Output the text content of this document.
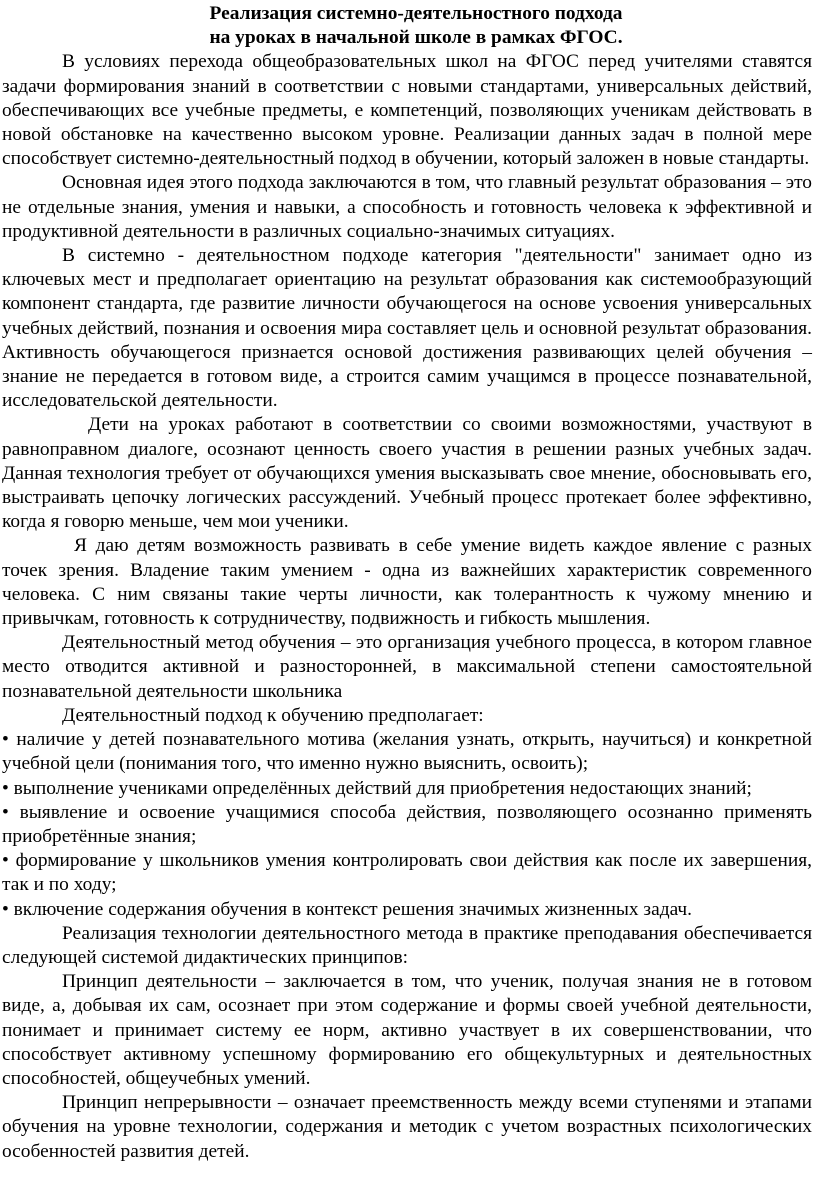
Реализация системно-деятельностного подхода
на уроках в начальной школе в рамках ФГОС.

В условиях перехода общеобразовательных школ на ФГОС перед учителями ставятся задачи формирования знаний в соответствии с новыми стандартами, универсальных действий, обеспечивающих все учебные предметы, е компетенций, позволяющих ученикам действовать в новой обстановке на качественно высоком уровне. Реализации данных задач в полной мере способствует системно-деятельностный подход в обучении, который заложен в новые стандарты.

Основная идея этого подхода заключаются в том, что главный результат образования – это не отдельные знания, умения и навыки, а способность и готовность человека к эффективной и продуктивной деятельности в различных социально-значимых ситуациях.

В системно - деятельностном подходе категория "деятельности" занимает одно из ключевых мест и предполагает ориентацию на результат образования как системообразующий компонент стандарта, где развитие личности обучающегося на основе усвоения универсальных учебных действий, познания и освоения мира составляет цель и основной результат образования. Активность обучающегося признается основой достижения развивающих целей обучения – знание не передается в готовом виде, а строится самим учащимся в процессе познавательной, исследовательской деятельности.

Дети на уроках работают в соответствии со своими возможностями, участвуют в равноправном диалоге, осознают ценность своего участия в решении разных учебных задач. Данная технология требует от обучающихся умения высказывать свое мнение, обосновывать его, выстраивать цепочку логических рассуждений. Учебный процесс протекает более эффективно, когда я говорю меньше, чем мои ученики.

Я даю детям возможность развивать в себе умение видеть каждое явление с разных точек зрения. Владение таким умением - одна из важнейших характеристик современного человека. С ним связаны такие черты личности, как толерантность к чужому мнению и привычкам, готовность к сотрудничеству, подвижность и гибкость мышления.

Деятельностный метод обучения – это организация учебного процесса, в котором главное место отводится активной и разносторонней, в максимальной степени самостоятельной познавательной деятельности школьника

Деятельностный подход к обучению предполагает:

• наличие у детей познавательного мотива (желания узнать, открыть, научиться) и конкретной учебной цели (понимания того, что именно нужно выяснить, освоить);

• выполнение учениками определённых действий для приобретения недостающих знаний;

• выявление и освоение учащимися способа действия, позволяющего осознанно применять приобретённые знания;

• формирование у школьников умения контролировать свои действия как после их завершения, так и по ходу;

• включение содержания обучения в контекст решения значимых жизненных задач.

Реализация технологии деятельностного метода в практике преподавания обеспечивается следующей системой дидактических принципов:

Принцип деятельности – заключается в том, что ученик, получая знания не в готовом виде, а, добывая их сам, осознает при этом содержание и формы своей учебной деятельности, понимает и принимает систему ее норм, активно участвует в их совершенствовании, что способствует активному успешному формированию его общекультурных и деятельностных способностей, общеучебных умений.

Принцип непрерывности – означает преемственность между всеми ступенями и этапами обучения на уровне технологии, содержания и методик с учетом возрастных психологических особенностей развития детей.
